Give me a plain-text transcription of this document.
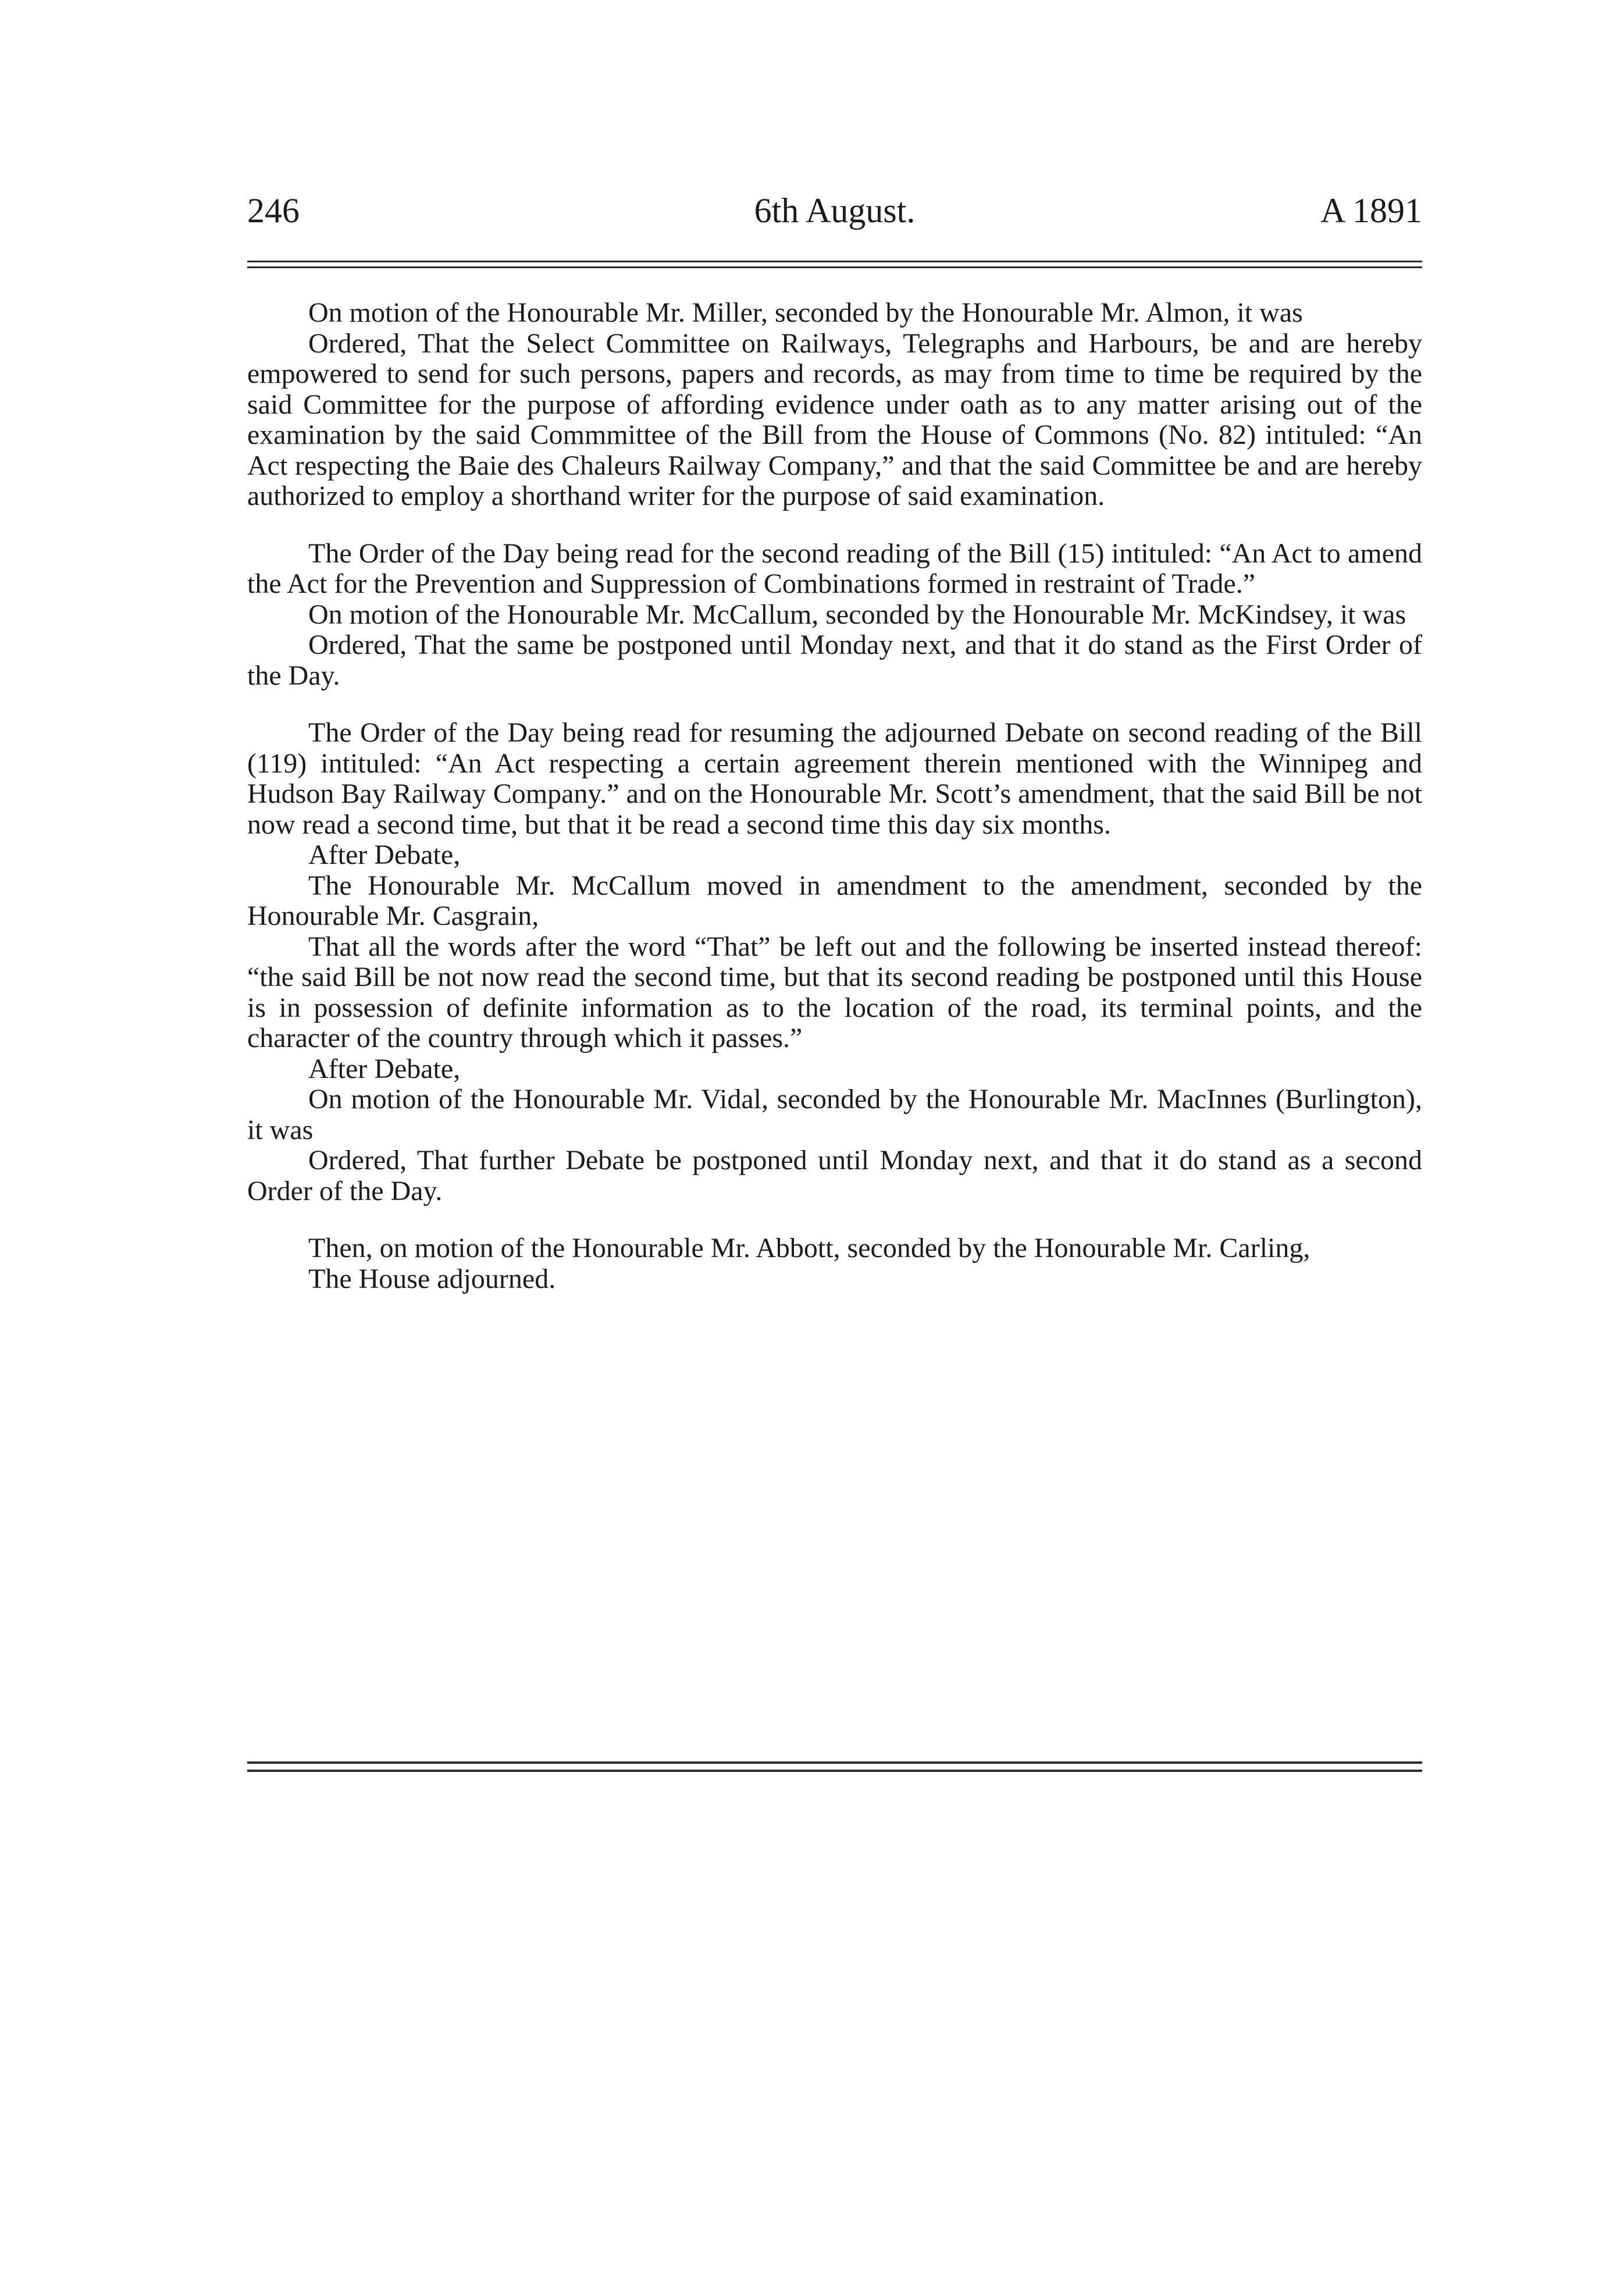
246	6th August.	A 1891

On motion of the Honourable Mr. Miller, seconded by the Honourable Mr. Almon, it was

Ordered, That the Select Committee on Railways, Telegraphs and Harbours, be and are hereby empowered to send for such persons, papers and records, as may from time to time be required by the said Committee for the purpose of affording evidence under oath as to any matter arising out of the examination by the said Commmittee of the Bill from the House of Commons (No. 82) intituled: “An Act respecting the Baie des Chaleurs Railway Company,” and that the said Committee be and are hereby authorized to employ a shorthand writer for the purpose of said examination.

The Order of the Day being read for the second reading of the Bill (15) intituled: “An Act to amend the Act for the Prevention and Suppression of Combinations formed in restraint of Trade.”

On motion of the Honourable Mr. McCallum, seconded by the Honourable Mr. McKindsey, it was

Ordered, That the same be postponed until Monday next, and that it do stand as the First Order of the Day.

The Order of the Day being read for resuming the adjourned Debate on second reading of the Bill (119) intituled: “An Act respecting a certain agreement therein mentioned with the Winnipeg and Hudson Bay Railway Company.” and on the Honourable Mr. Scott’s amendment, that the said Bill be not now read a second time, but that it be read a second time this day six months.

After Debate,

The Honourable Mr. McCallum moved in amendment to the amendment, seconded by the Honourable Mr. Casgrain,

That all the words after the word “That” be left out and the following be inserted instead thereof: “the said Bill be not now read the second time, but that its second reading be postponed until this House is in possession of definite information as to the location of the road, its terminal points, and the character of the country through which it passes.”

After Debate,

On motion of the Honourable Mr. Vidal, seconded by the Honourable Mr. MacInnes (Burlington), it was

Ordered, That further Debate be postponed until Monday next, and that it do stand as a second Order of the Day.

Then, on motion of the Honourable Mr. Abbott, seconded by the Honourable Mr. Carling,

The House adjourned.
